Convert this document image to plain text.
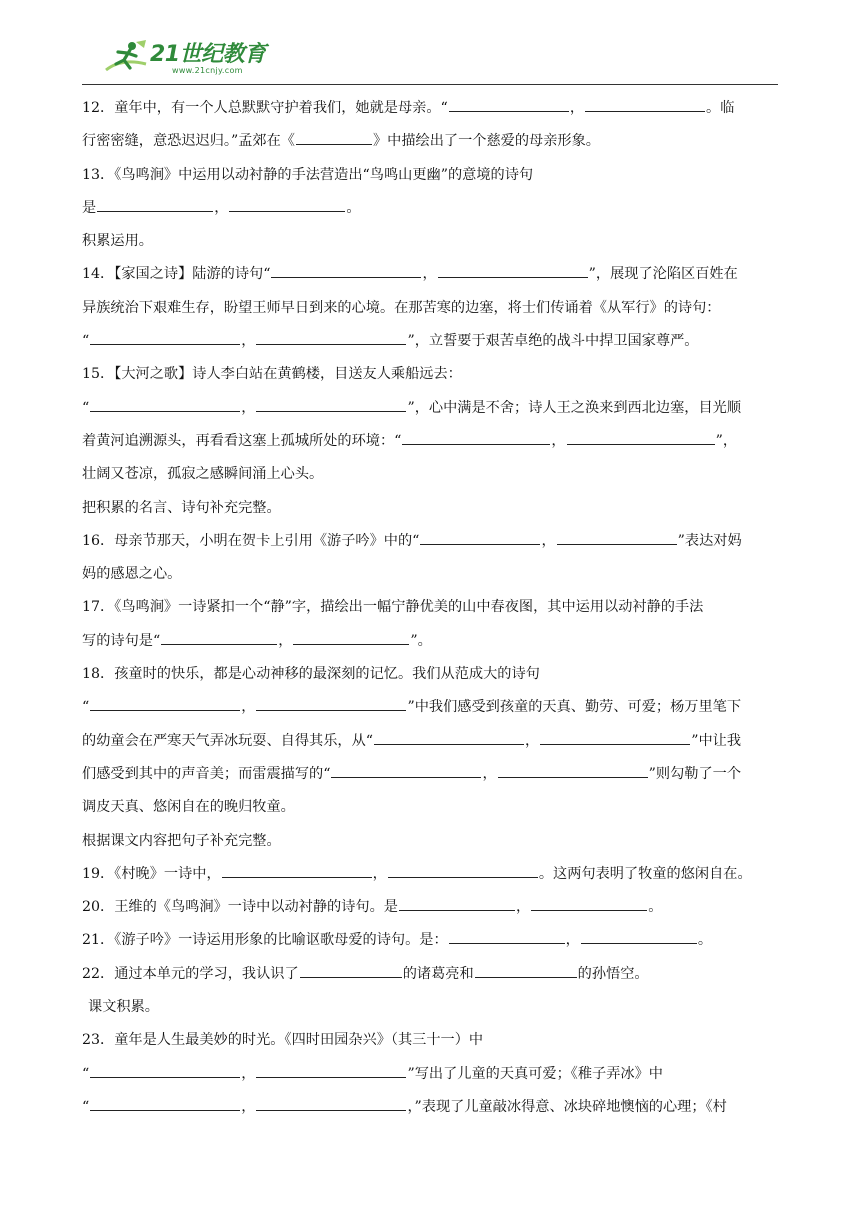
21世纪教育
www.21cnjy.com
12．童年中，有一个人总默默守护着我们，她就是母亲。“	，	。临
行密密缝，意恐迟迟归。”孟郊在《	》中描绘出了一个慈爱的母亲形象。
13．《鸟鸣涧》中运用以动衬静的手法营造出“鸟鸣山更幽”的意境的诗句
是	，	。
积累运用。
14．【家国之诗】陆游的诗句“	，	”，展现了沦陷区百姓在
异族统治下艰难生存，盼望王师早日到来的心境。在那苦寒的边塞，将士们传诵着《从军行》的诗句：
“	，	”，立誓要于艰苦卓绝的战斗中捍卫国家尊严。
15．【大河之歌】诗人李白站在黄鹤楼，目送友人乘船远去：
“	，	”，心中满是不舍；诗人王之涣来到西北边塞，目光顺
着黄河追溯源头，再看看这塞上孤城所处的环境：“	，	”，
壮阔又苍凉，孤寂之感瞬间涌上心头。
把积累的名言、诗句补充完整。
16．母亲节那天，小明在贺卡上引用《游子吟》中的“	，	”表达对妈
妈的感恩之心。
17．《鸟鸣涧》一诗紧扣一个“静”字，描绘出一幅宁静优美的山中春夜图，其中运用以动衬静的手法
写的诗句是“	，	”。
18．孩童时的快乐，都是心动神移的最深刻的记忆。我们从范成大的诗句
“	，	”中我们感受到孩童的天真、勤劳、可爱；杨万里笔下
的幼童会在严寒天气弄冰玩耍、自得其乐，从“	，	”中让我
们感受到其中的声音美；而雷震描写的“	，	”则勾勒了一个
调皮天真、悠闲自在的晚归牧童。
根据课文内容把句子补充完整。
19．《村晚》一诗中，	，	。这两句表明了牧童的悠闲自在。
20．王维的《鸟鸣涧》一诗中以动衬静的诗句。是	，	。
21．《游子吟》一诗运用形象的比喻讴歌母爱的诗句。是：	，	。
22．通过本单元的学习，我认识了	的诸葛亮和	的孙悟空。
课文积累。
23．童年是人生最美妙的时光。《四时田园杂兴》（其三十一）中
“	，	”写出了儿童的天真可爱；《稚子弄冰》中
“	，	，”表现了儿童敲冰得意、冰块碎地懊恼的心理；《村
